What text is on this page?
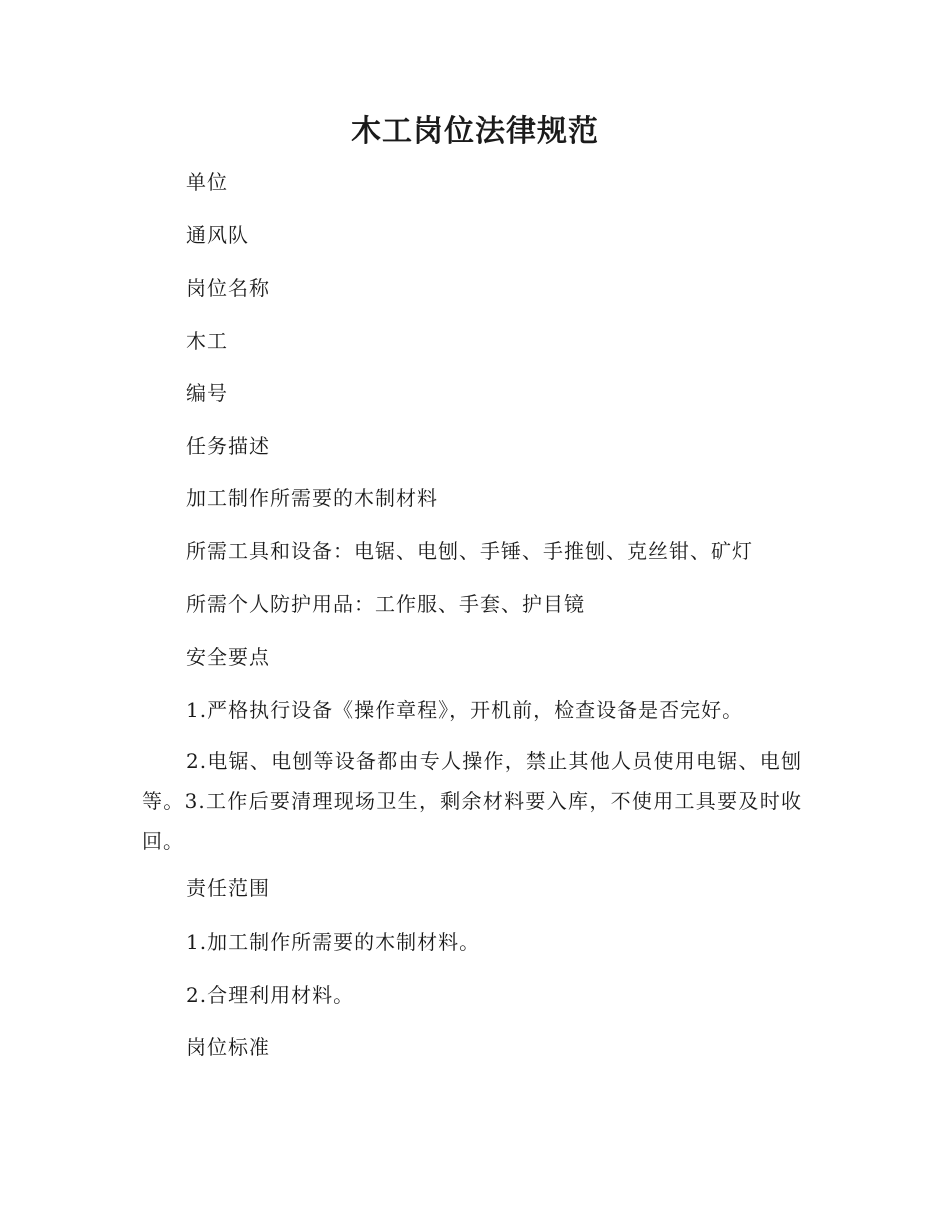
木工岗位法律规范

单位

通风队

岗位名称

木工

编号

任务描述

加工制作所需要的木制材料

所需工具和设备：电锯、电刨、手锤、手推刨、克丝钳、矿灯

所需个人防护用品：工作服、手套、护目镜

安全要点

1.严格执行设备《操作章程》，开机前，检查设备是否完好。

2.电锯、电刨等设备都由专人操作，禁止其他人员使用电锯、电刨等。3.工作后要清理现场卫生，剩余材料要入库，不使用工具要及时收回。

责任范围

1.加工制作所需要的木制材料。

2.合理利用材料。

岗位标准
